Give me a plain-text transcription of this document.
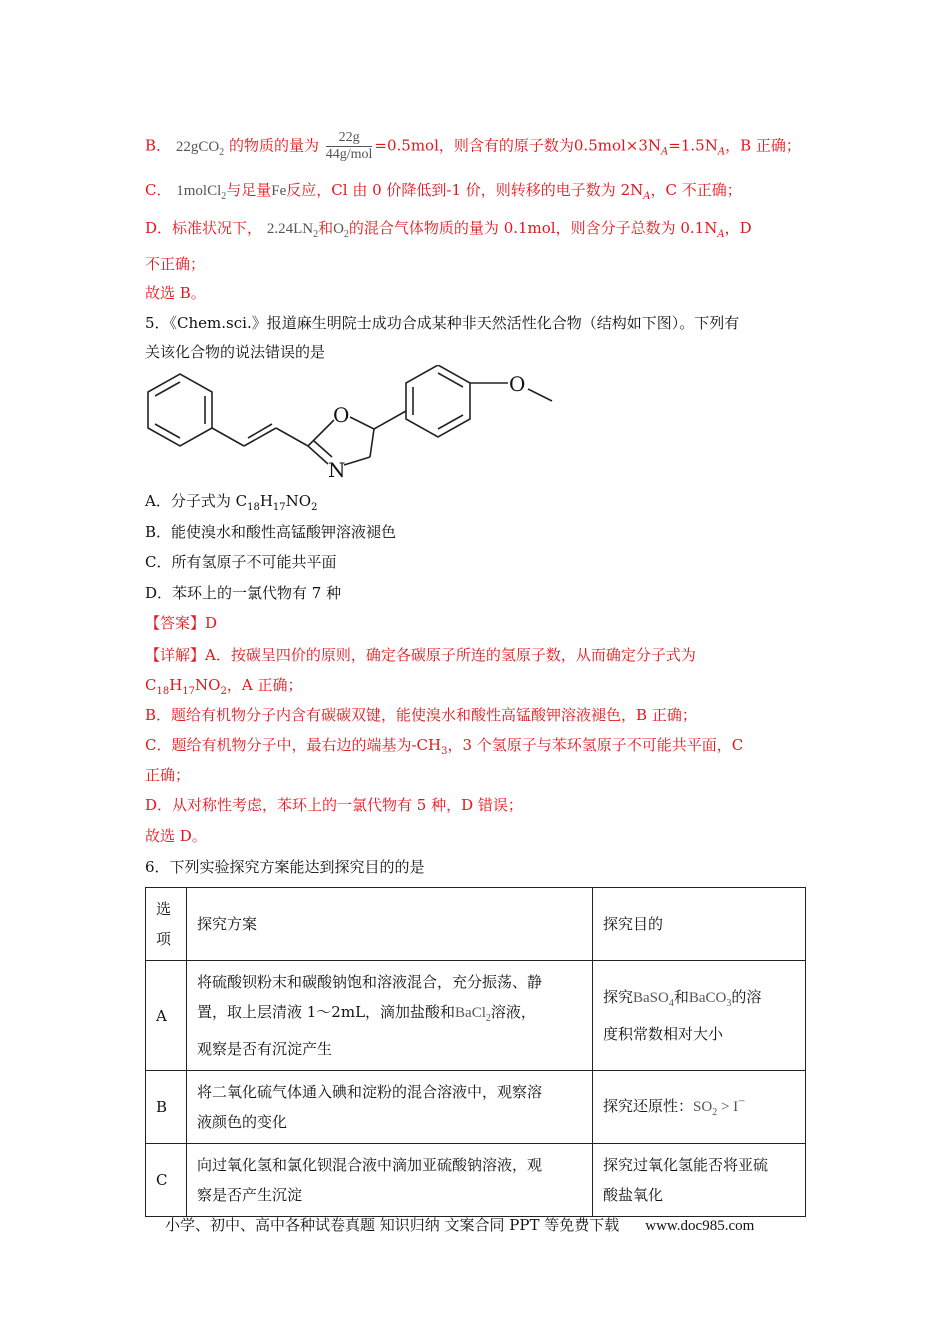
B． 22gCO$_2$ 的物质的量为 $\frac{22g}{\text{44g/mol}} =0.5mol$，则含有的原子数为$0.5mol\times 3N_A=1.5N_A$，B 正确；
C． 1molCl$_2$与足量Fe反应，Cl 由 0 价降低到-1 价，则转移的电子数为 $2N_A$，C 不正确；
D．标准状况下， $2.24LN_2$和$O_2$的混合气体物质的量为 0.1mol，则含分子总数为 $0.1N_A$，D
不正确；
故选 B。
5．《Chem.sci.》报道麻生明院士成功合成某种非天然活性化合物（结构如下图）。下列有
关该化合物的说法错误的是
O
N
O
A．分子式为 $C_{18}H_{17}NO_2$
B．能使溴水和酸性高锰酸钾溶液褪色
C．所有氢原子不可能共平面
D．苯环上的一氯代物有 7 种
【答案】D
【详解】A．按碳呈四价的原则，确定各碳原子所连的氢原子数，从而确定分子式为
$C_{18}H_{17}NO_2$，A 正确；
B．题给有机物分子内含有碳碳双键，能使溴水和酸性高锰酸钾溶液褪色，B 正确；
C．题给有机物分子中，最右边的端基为$-CH_3$，3 个氢原子与苯环氢原子不可能共平面，C
正确；
D．从对称性考虑，苯环上的一氯代物有 5 种，D 错误；
故选 D。
6．下列实验探究方案能达到探究目的的是
选
项	探究方案	探究目的
A	将硫酸钡粉末和碳酸钠饱和溶液混合，充分振荡、静
置，取上层清液 1～2mL，滴加盐酸和BaCl$_2$溶液，
观察是否有沉淀产生	探究BaSO$_4$和BaCO$_3$的溶
度积常数相对大小
B	将二氧化硫气体通入碘和淀粉的混合溶液中，观察溶
液颜色的变化	探究还原性：$SO_2 > I^-$
C	向过氧化氢和氯化钡混合液中滴加亚硫酸钠溶液，观
察是否产生沉淀	探究过氧化氢能否将亚硫
酸盐氧化
小学、初中、高中各种试卷真题 知识归纳 文案合同 PPT 等免费下载 www.doc985.com
